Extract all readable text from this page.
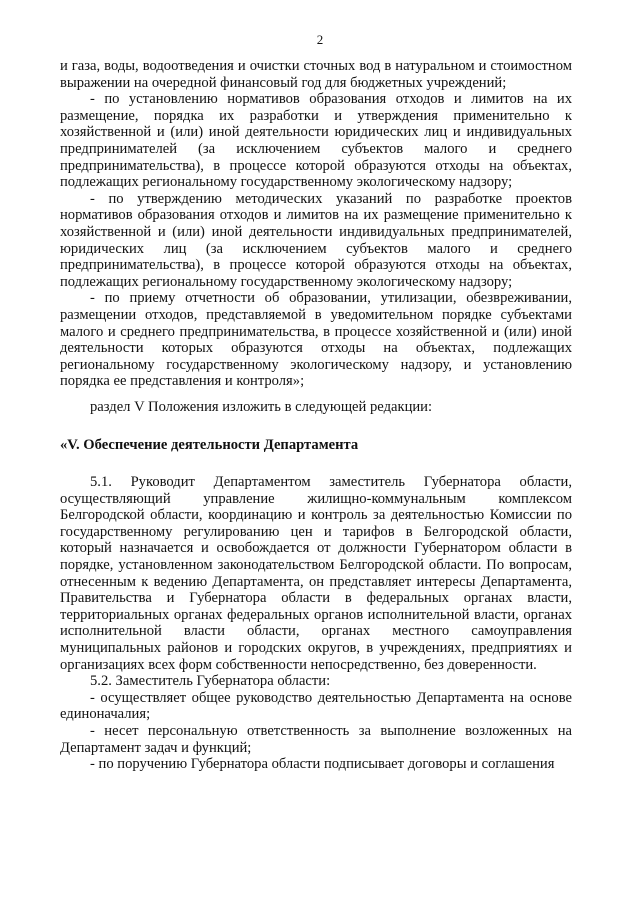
2

и газа, воды, водоотведения и очистки сточных вод в натуральном и стоимостном выражении на очередной финансовый год для бюджетных учреждений;

- по установлению нормативов образования отходов и лимитов на их размещение, порядка их разработки и утверждения применительно к хозяйственной и (или) иной деятельности юридических лиц и индивидуальных предпринимателей (за исключением субъектов малого и среднего предпринимательства), в процессе которой образуются отходы на объектах, подлежащих региональному государственному экологическому надзору;

- по утверждению методических указаний по разработке проектов нормативов образования отходов и лимитов на их размещение применительно к хозяйственной и (или) иной деятельности индивидуальных предпринимателей, юридических лиц (за исключением субъектов малого и среднего предпринимательства), в процессе которой образуются отходы на объектах, подлежащих региональному государственному экологическому надзору;

- по приему отчетности об образовании, утилизации, обезвреживании, размещении отходов, представляемой в уведомительном порядке субъектами малого и среднего предпринимательства, в процессе хозяйственной и (или) иной деятельности которых образуются отходы на объектах, подлежащих региональному государственному экологическому надзору, и установлению порядка ее представления и контроля»;

раздел V Положения изложить в следующей редакции:

«V. Обеспечение деятельности Департамента

5.1. Руководит Департаментом заместитель Губернатора области, осуществляющий управление жилищно-коммунальным комплексом Белгородской области, координацию и контроль за деятельностью Комиссии по государственному регулированию цен и тарифов в Белгородской области, который назначается и освобождается от должности Губернатором области в порядке, установленном законодательством Белгородской области. По вопросам, отнесенным к ведению Департамента, он представляет интересы Департамента, Правительства и Губернатора области в федеральных органах власти, территориальных органах федеральных органов исполнительной власти, органах исполнительной власти области, органах местного самоуправления муниципальных районов и городских округов, в учреждениях, предприятиях и организациях всех форм собственности непосредственно, без доверенности.

5.2. Заместитель Губернатора области:

- осуществляет общее руководство деятельностью Департамента на основе единоначалия;

- несет персональную ответственность за выполнение возложенных на Департамент задач и функций;

- по поручению Губернатора области подписывает договоры и соглашения
